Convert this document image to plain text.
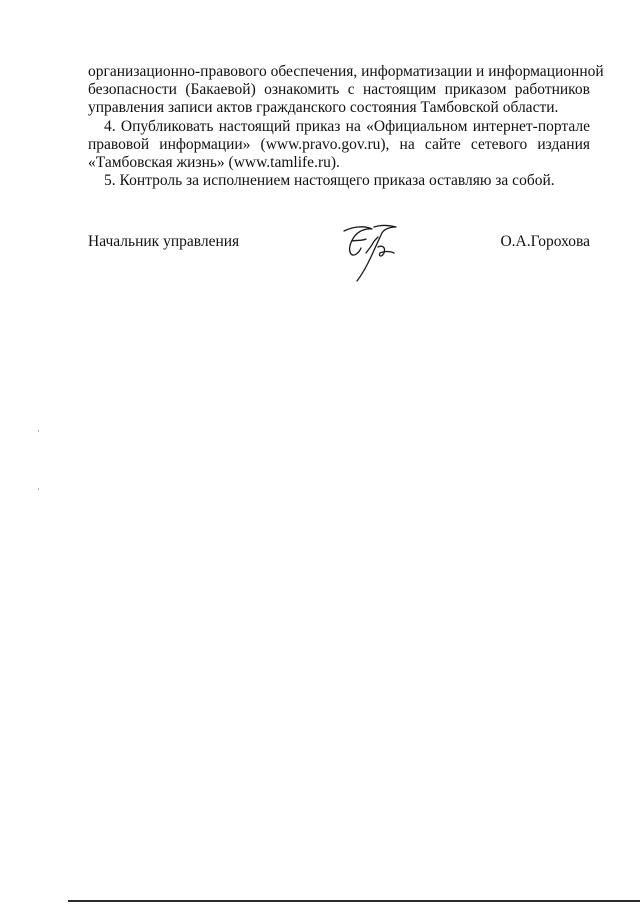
организационно-правового обеспечения, информатизации и информационной

безопасности (Бакаевой) ознакомить с настоящим приказом работников

управления записи актов гражданского состояния Тамбовской области.

4. Опубликовать настоящий приказ на «Официальном интернет-портале

правовой информации» (www.pravo.gov.ru), на сайте сетевого издания

«Тамбовская жизнь» (www.tamlife.ru).

5. Контроль за исполнением настоящего приказа оставляю за собой.

Начальник управления	О.А.Горохова
